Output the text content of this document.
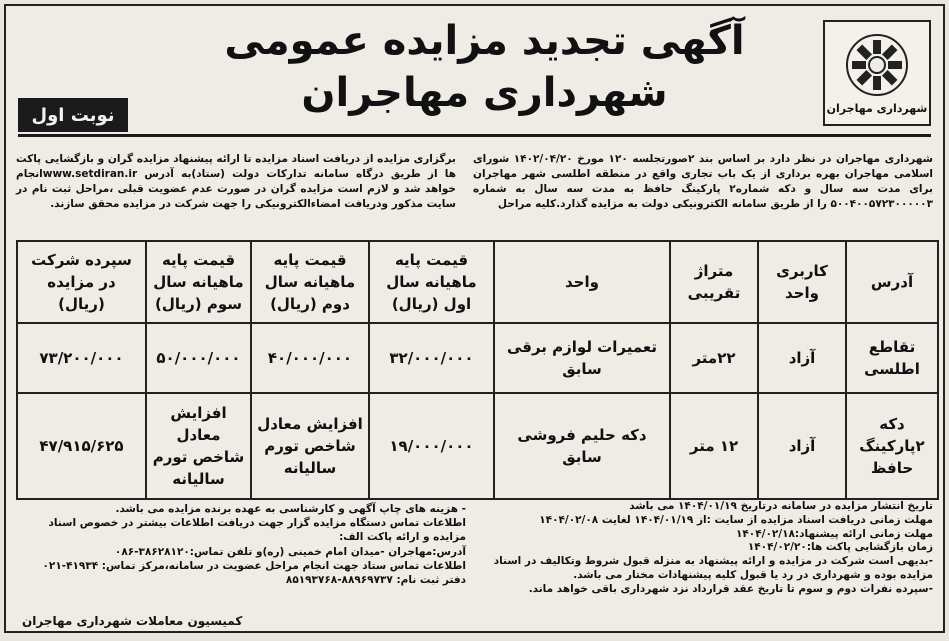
شهرداری مهاجران
آگهی تجدید مزایده عمومی
شهرداری مهاجران
نوبت اول
شهرداری مهاجران در نظر دارد بر اساس بند ۲صورتجلسه ۱۲۰ مورخ ۱۴۰۲/۰۴/۲۰ شورای اسلامی مهاجران بهره برداری از یک باب تجاری واقع در منطقه اطلسی شهر مهاجران برای مدت سه سال و دکه شماره۲ پارکینگ حافظ به مدت سه سال به شماره ۵۰۰۴۰۰۵۷۲۳۰۰۰۰۰۳ را از طریق سامانه الکترونیکی دولت به مزایده گذارد.کلیه مراحل
برگزاری مزایده از دریافت اسناد مزایده تا ارائه پیشنهاد مزایده گران و بازگشایی پاکت ها از طریق درگاه سامانه تدارکات دولت (ستاد)به آدرس www.setdiran.irانجام خواهد شد و لازم است مزایده گران در صورت عدم عضویت قبلی ،مراحل ثبت نام در سایت مذکور ودریافت امضاءالکترونیکی را جهت شرکت در مزایده محقق سازند.
آدرس	کاربری واحد	متراژ تقریبی	واحد	قیمت پایه ماهیانه سال اول (ریال)	قیمت پایه ماهیانه سال دوم (ریال)	قیمت پایه ماهیانه سال سوم (ریال)	سپرده شرکت در مزایده (ریال)
تقاطع اطلسی	آزاد	۲۲متر	تعمیرات لوازم برقی سابق	۳۲/۰۰۰/۰۰۰	۴۰/۰۰۰/۰۰۰	۵۰/۰۰۰/۰۰۰	۷۳/۲۰۰/۰۰۰
دکه ۲پارکینگ حافظ	آزاد	۱۲ متر	دکه حلیم فروشی سابق	۱۹/۰۰۰/۰۰۰	افزایش معادل شاخص تورم سالیانه	افزایش معادل شاخص تورم سالیانه	۴۷/۹۱۵/۶۲۵

تاریخ انتشار مزایده در سامانه درتاریخ ۱۴۰۴/۰۱/۱۹ می باشد

مهلت زمانی دریافت اسناد مزایده از سایت :از ۱۴۰۴/۰۱/۱۹ لغایت ۱۴۰۴/۰۲/۰۸

مهلت زمانی ارائه پیشنهاد:۱۴۰۴/۰۲/۱۸

زمان بازگشایی پاکت ها:۱۴۰۴/۰۲/۲۰

-بدیهی است شرکت در مزایده و ارائه پیشنهاد به منزله قبول شروط وتکالیف در اسناد مزایده بوده و شهرداری در رد یا قبول کلیه پیشنهادات مختار می باشد.

-سپرده نفرات دوم و سوم تا تاریخ عقد قرارداد نزد شهرداری باقی خواهد ماند.

- هزینه های چاپ آگهی و کارشناسی به عهده برنده مزایده می باشد.

اطلاعات تماس دستگاه مزایده گزار جهت دریافت اطلاعات بیشتر در خصوص اسناد مزایده و ارائه پاکت الف:

آدرس:مهاجران -میدان امام خمینی (ره)و تلفن تماس:۳۸۶۲۸۱۲۰-۰۸۶

اطلاعات تماس ستاد جهت انجام مراحل عضویت در سامانه،مرکز تماس: ۴۱۹۳۴-۰۲۱

دفتر ثبت نام: ۸۸۹۶۹۷۳۷-۸۵۱۹۳۷۶۸

کمیسیون معاملات شهرداری مهاجران
